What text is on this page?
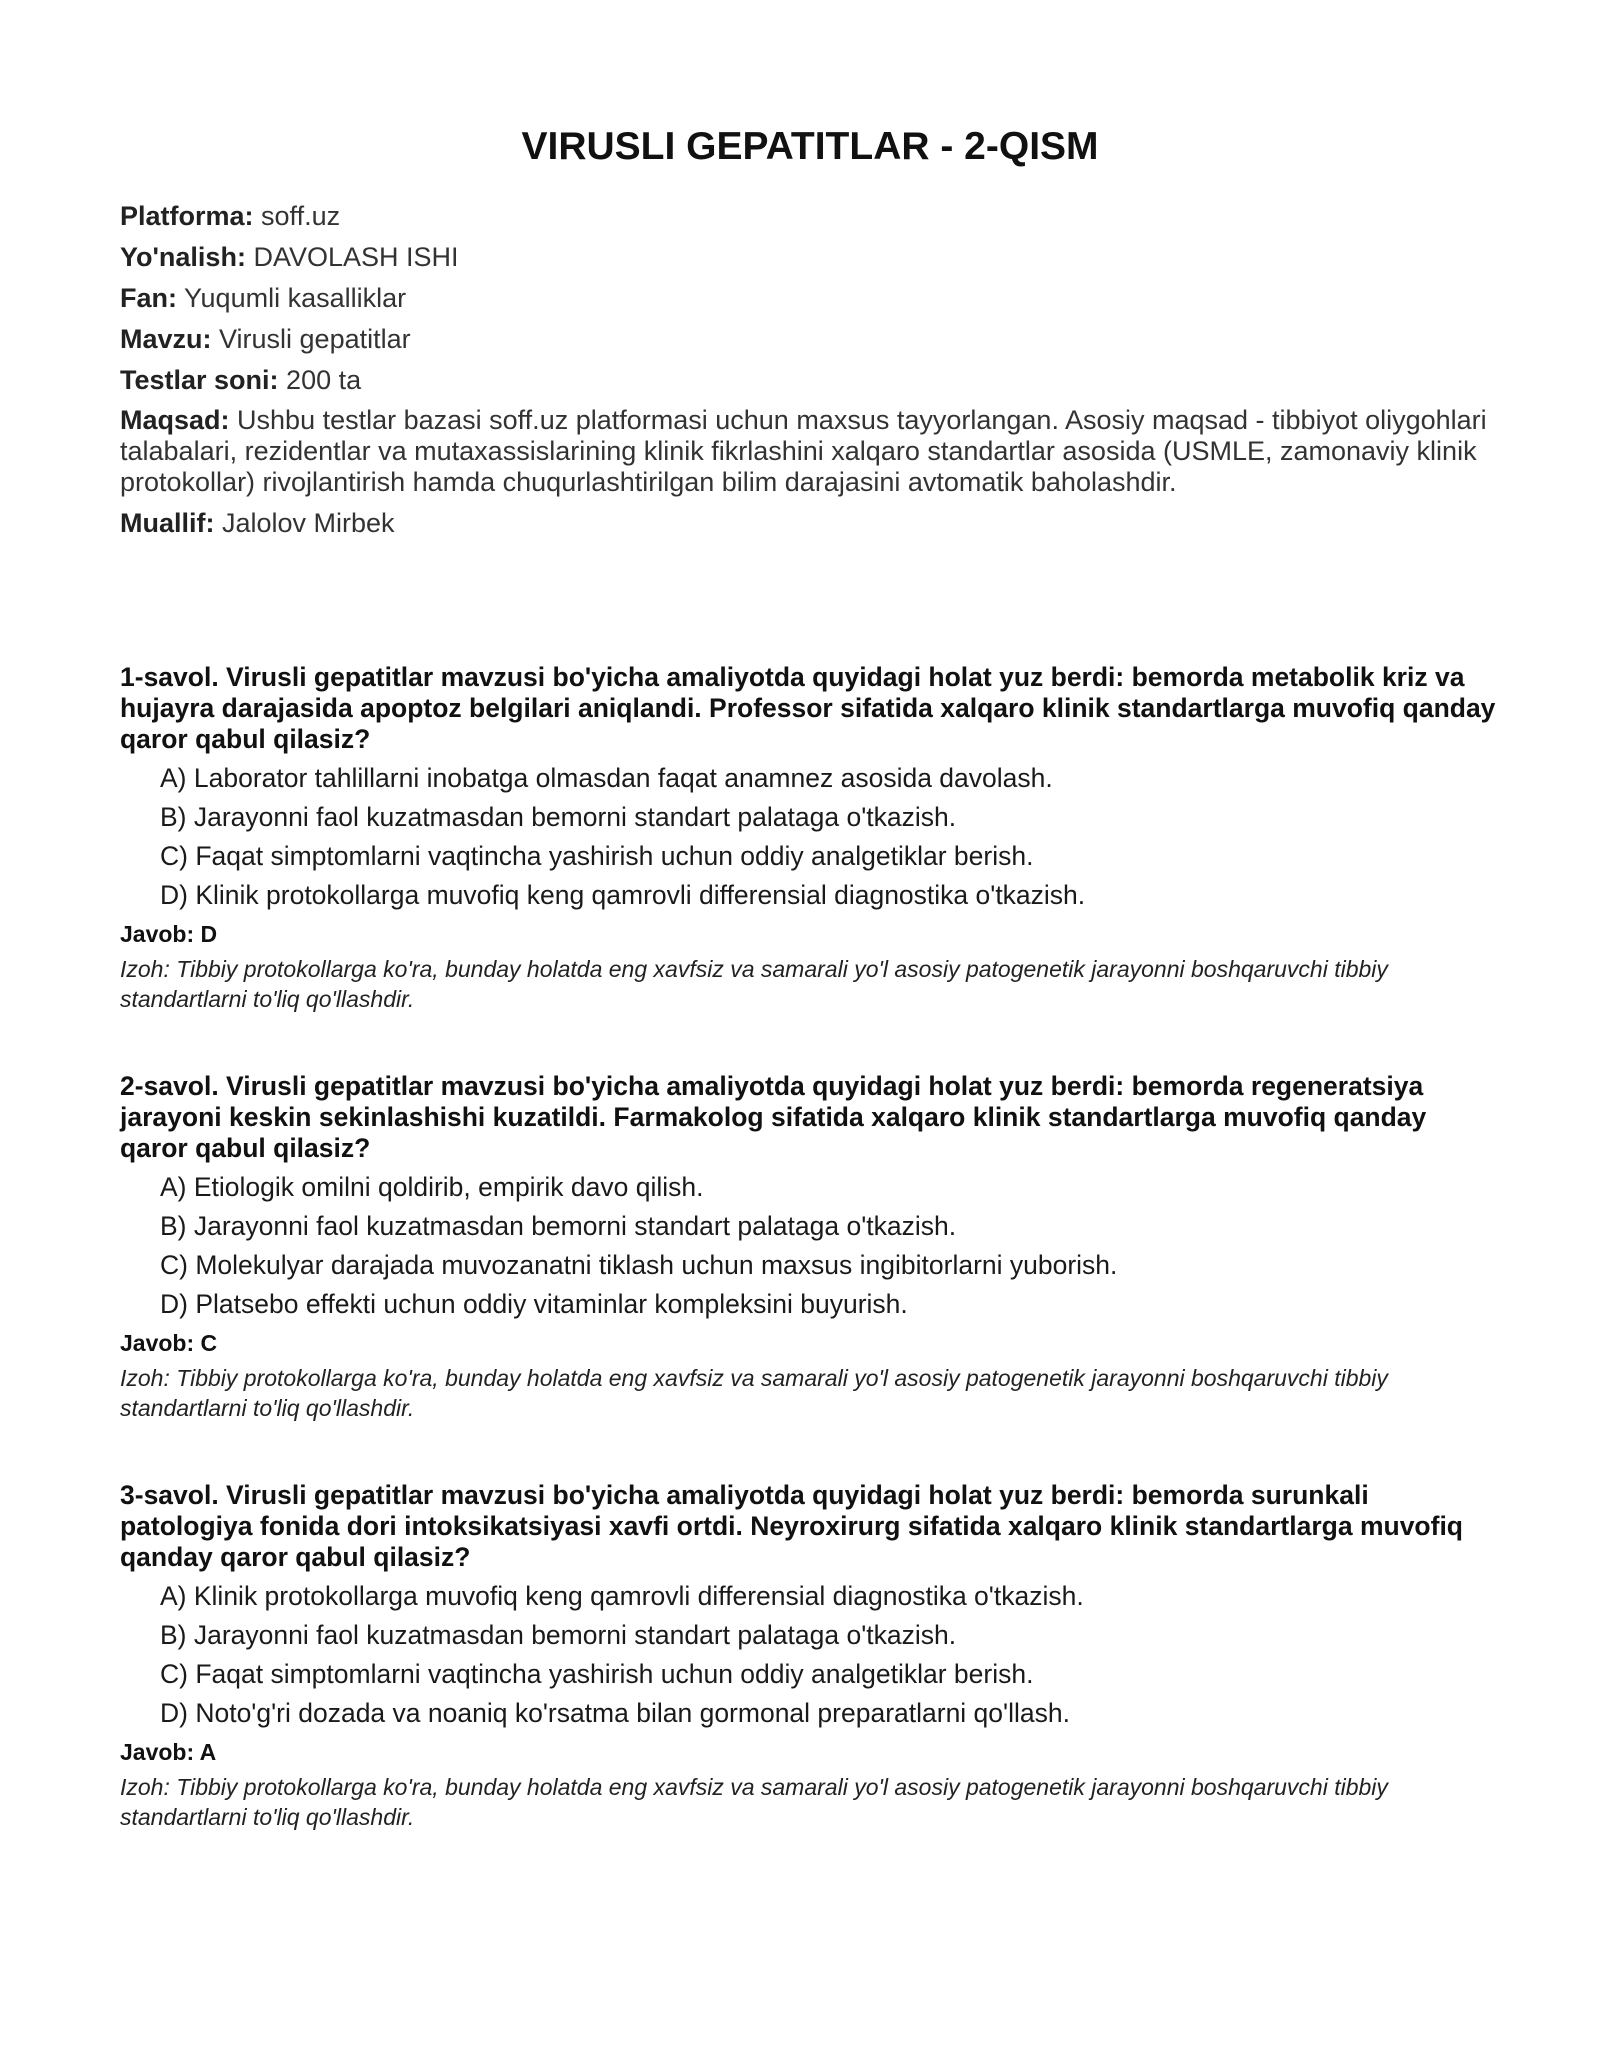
VIRUSLI GEPATITLAR - 2-QISM
Platforma: soff.uz
Yo'nalish: DAVOLASH ISHI
Fan: Yuqumli kasalliklar
Mavzu: Virusli gepatitlar
Testlar soni: 200 ta
Maqsad: Ushbu testlar bazasi soff.uz platformasi uchun maxsus tayyorlangan. Asosiy maqsad - tibbiyot oliygohlari talabalari, rezidentlar va mutaxassislarining klinik fikrlashini xalqaro standartlar asosida (USMLE, zamonaviy klinik protokollar) rivojlantirish hamda chuqurlashtirilgan bilim darajasini avtomatik baholashdir.
Muallif: Jalolov Mirbek
1-savol. Virusli gepatitlar mavzusi bo'yicha amaliyotda quyidagi holat yuz berdi: bemorda metabolik kriz va hujayra darajasida apoptoz belgilari aniqlandi. Professor sifatida xalqaro klinik standartlarga muvofiq qanday qaror qabul qilasiz?
A) Laborator tahlillarni inobatga olmasdan faqat anamnez asosida davolash.
B) Jarayonni faol kuzatmasdan bemorni standart palataga o'tkazish.
C) Faqat simptomlarni vaqtincha yashirish uchun oddiy analgetiklar berish.
D) Klinik protokollarga muvofiq keng qamrovli differensial diagnostika o'tkazish.
Javob: D
Izoh: Tibbiy protokollarga ko'ra, bunday holatda eng xavfsiz va samarali yo'l asosiy patogenetik jarayonni boshqaruvchi tibbiy standartlarni to'liq qo'llashdir.
2-savol. Virusli gepatitlar mavzusi bo'yicha amaliyotda quyidagi holat yuz berdi: bemorda regeneratsiya jarayoni keskin sekinlashishi kuzatildi. Farmakolog sifatida xalqaro klinik standartlarga muvofiq qanday qaror qabul qilasiz?
A) Etiologik omilni qoldirib, empirik davo qilish.
B) Jarayonni faol kuzatmasdan bemorni standart palataga o'tkazish.
C) Molekulyar darajada muvozanatni tiklash uchun maxsus ingibitorlarni yuborish.
D) Platsebo effekti uchun oddiy vitaminlar kompleksini buyurish.
Javob: C
Izoh: Tibbiy protokollarga ko'ra, bunday holatda eng xavfsiz va samarali yo'l asosiy patogenetik jarayonni boshqaruvchi tibbiy standartlarni to'liq qo'llashdir.
3-savol. Virusli gepatitlar mavzusi bo'yicha amaliyotda quyidagi holat yuz berdi: bemorda surunkali patologiya fonida dori intoksikatsiyasi xavfi ortdi. Neyroxirurg sifatida xalqaro klinik standartlarga muvofiq qanday qaror qabul qilasiz?
A) Klinik protokollarga muvofiq keng qamrovli differensial diagnostika o'tkazish.
B) Jarayonni faol kuzatmasdan bemorni standart palataga o'tkazish.
C) Faqat simptomlarni vaqtincha yashirish uchun oddiy analgetiklar berish.
D) Noto'g'ri dozada va noaniq ko'rsatma bilan gormonal preparatlarni qo'llash.
Javob: A
Izoh: Tibbiy protokollarga ko'ra, bunday holatda eng xavfsiz va samarali yo'l asosiy patogenetik jarayonni boshqaruvchi tibbiy standartlarni to'liq qo'llashdir.
